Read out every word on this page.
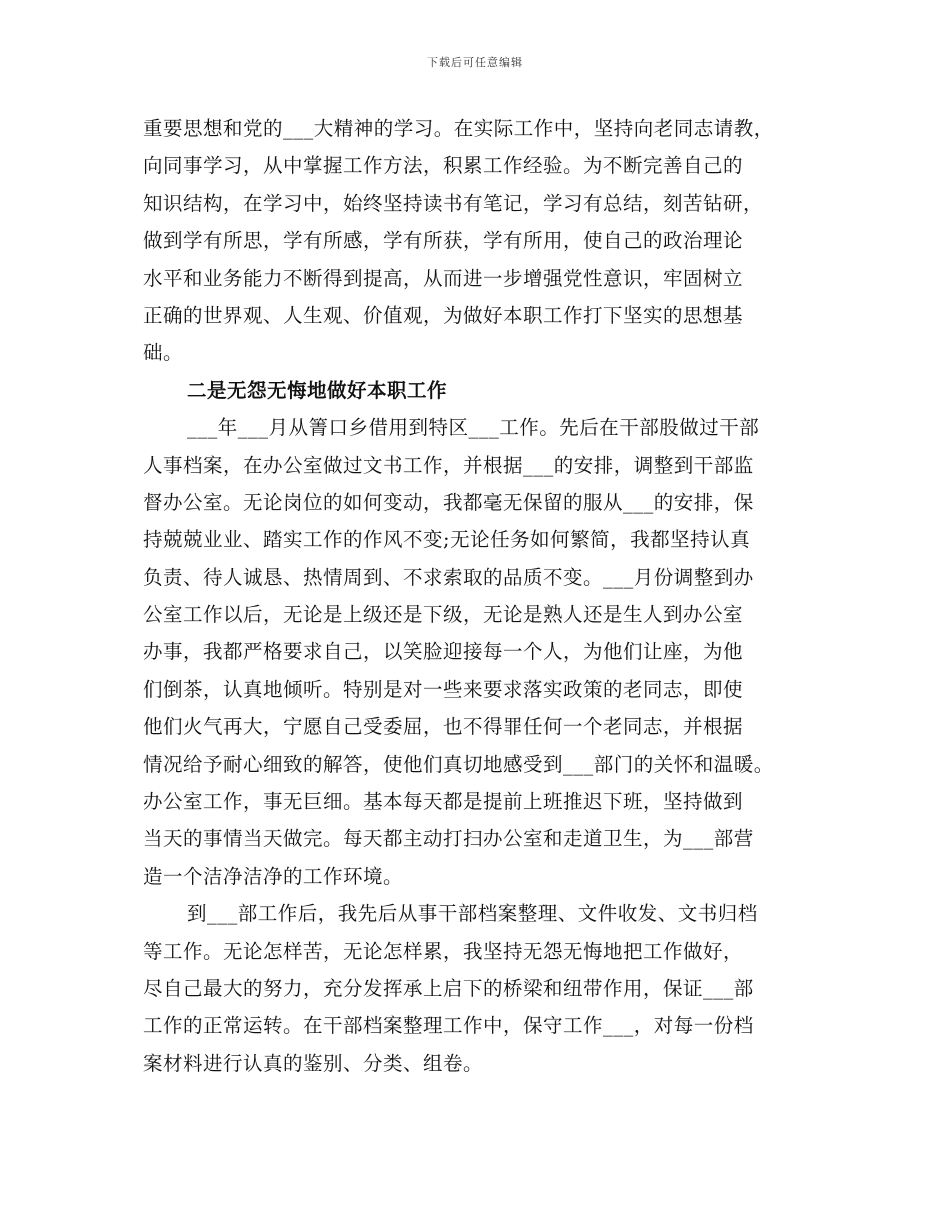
下载后可任意编辑
重要思想和党的___大精神的学习。在实际工作中，坚持向老同志请教，
向同事学习，从中掌握工作方法，积累工作经验。为不断完善自己的
知识结构，在学习中，始终坚持读书有笔记，学习有总结，刻苦钻研，
做到学有所思，学有所感，学有所获，学有所用，使自己的政治理论
水平和业务能力不断得到提高，从而进一步增强党性意识，牢固树立
正确的世界观、人生观、价值观，为做好本职工作打下坚实的思想基
础。
二是无怨无悔地做好本职工作
___年___月从箐口乡借用到特区___工作。先后在干部股做过干部
人事档案，在办公室做过文书工作，并根据___的安排，调整到干部监
督办公室。无论岗位的如何变动，我都毫无保留的服从___的安排，保
持兢兢业业、踏实工作的作风不变;无论任务如何繁简，我都坚持认真
负责、待人诚恳、热情周到、不求索取的品质不变。___月份调整到办
公室工作以后，无论是上级还是下级，无论是熟人还是生人到办公室
办事，我都严格要求自己，以笑脸迎接每一个人，为他们让座，为他
们倒茶，认真地倾听。特别是对一些来要求落实政策的老同志，即使
他们火气再大，宁愿自己受委屈，也不得罪任何一个老同志，并根据
情况给予耐心细致的解答，使他们真切地感受到___部门的关怀和温暖。
办公室工作，事无巨细。基本每天都是提前上班推迟下班，坚持做到
当天的事情当天做完。每天都主动打扫办公室和走道卫生，为___部营
造一个洁净洁净的工作环境。
到___部工作后，我先后从事干部档案整理、文件收发、文书归档
等工作。无论怎样苦，无论怎样累，我坚持无怨无悔地把工作做好，
尽自己最大的努力，充分发挥承上启下的桥梁和纽带作用，保证___部
工作的正常运转。在干部档案整理工作中，保守工作___，对每一份档
案材料进行认真的鉴别、分类、组卷。
